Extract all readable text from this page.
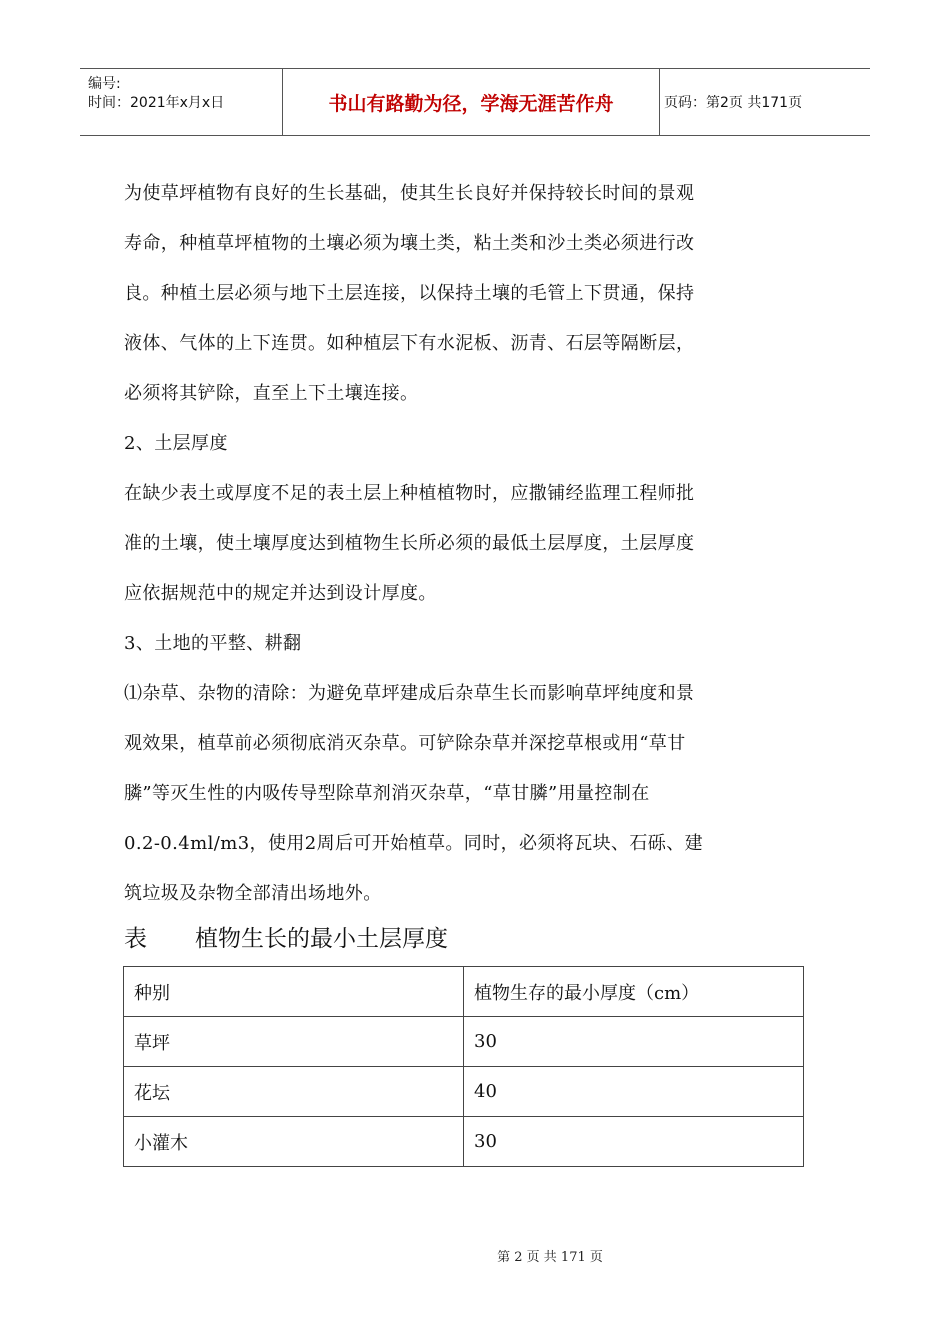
编号:
时间：2021年x月x日	书山有路勤为径，学海无涯苦作舟	页码：第2页 共171页
为使草坪植物有良好的生长基础，使其生长良好并保持较长时间的景观
寿命，种植草坪植物的土壤必须为壤土类，粘土类和沙土类必须进行改
良。种植土层必须与地下土层连接，以保持土壤的毛管上下贯通，保持
液体、气体的上下连贯。如种植层下有水泥板、沥青、石层等隔断层，
必须将其铲除，直至上下土壤连接。
2、土层厚度
在缺少表土或厚度不足的表土层上种植植物时，应撒铺经监理工程师批
准的土壤，使土壤厚度达到植物生长所必须的最低土层厚度，土层厚度
应依据规范中的规定并达到设计厚度。
3、土地的平整、耕翻
⑴杂草、杂物的清除：为避免草坪建成后杂草生长而影响草坪纯度和景
观效果，植草前必须彻底消灭杂草。可铲除杂草并深挖草根或用“草甘
膦”等灭生性的内吸传导型除草剂消灭杂草，“草甘膦”用量控制在
0.2-0.4ml/m3，使用2周后可开始植草。同时，必须将瓦块、石砾、建
筑垃圾及杂物全部清出场地外。
表 植物生长的最小土层厚度
种别	植物生存的最小厚度（cm）
草坪	30
花坛	40
小灌木	30
第 2 页 共 171 页
